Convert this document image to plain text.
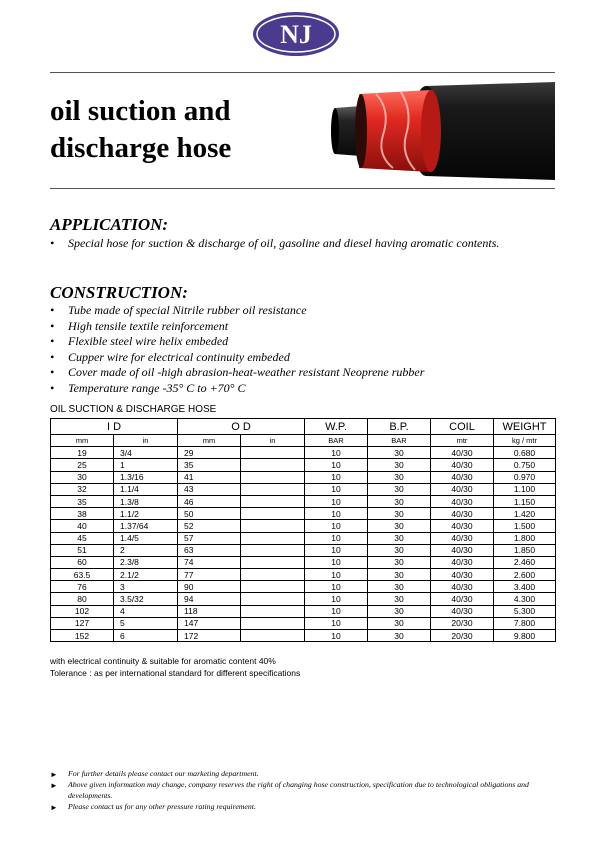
NJ
oil suction and
discharge hose
APPLICATION:
• Special hose for suction & discharge of oil, gasoline and diesel having aromatic contents.
CONSTRUCTION:
• Tube made of special Nitrile rubber oil resistance
• High tensile textile reinforcement
• Flexible steel wire helix embeded
• Cupper wire for electrical continuity embeded
• Cover made of oil -high abrasion-heat-weather resistant Neoprene rubber
• Temperature range -35° C to +70° C
OIL SUCTION & DISCHARGE HOSE
I D		O D		W.P.	B.P.	COIL	WEIGHT
mm	in	mm	in	BAR	BAR	mtr	kg / mtr
19	3/4	29		10	30	40/30	0.680
25	1	35		10	30	40/30	0.750
30	1.3/16	41		10	30	40/30	0.970
32	1.1/4	43		10	30	40/30	1.100
35	1.3/8	46		10	30	40/30	1.150
38	1.1/2	50		10	30	40/30	1.420
40	1.37/64	52		10	30	40/30	1.500
45	1.4/5	57		10	30	40/30	1.800
51	2	63		10	30	40/30	1.850
60	2.3/8	74		10	30	40/30	2.460
63.5	2.1/2	77		10	30	40/30	2.600
76	3	90		10	30	40/30	3.400
80	3.5/32	94		10	30	40/30	4.300
102	4	118		10	30	40/30	5.300
127	5	147		10	30	20/30	7.800
152	6	172		10	30	20/30	9.800
with electrical continuity & suitable for aromatic content 40%
Tolerance : as per international standard for different specifications
► For further details please contact our marketing department.
► Above given information may change, company reserves the right of changing hose construction, specification due to technological obligations and developments.
► Please contact us for any other pressure rating requirement.
